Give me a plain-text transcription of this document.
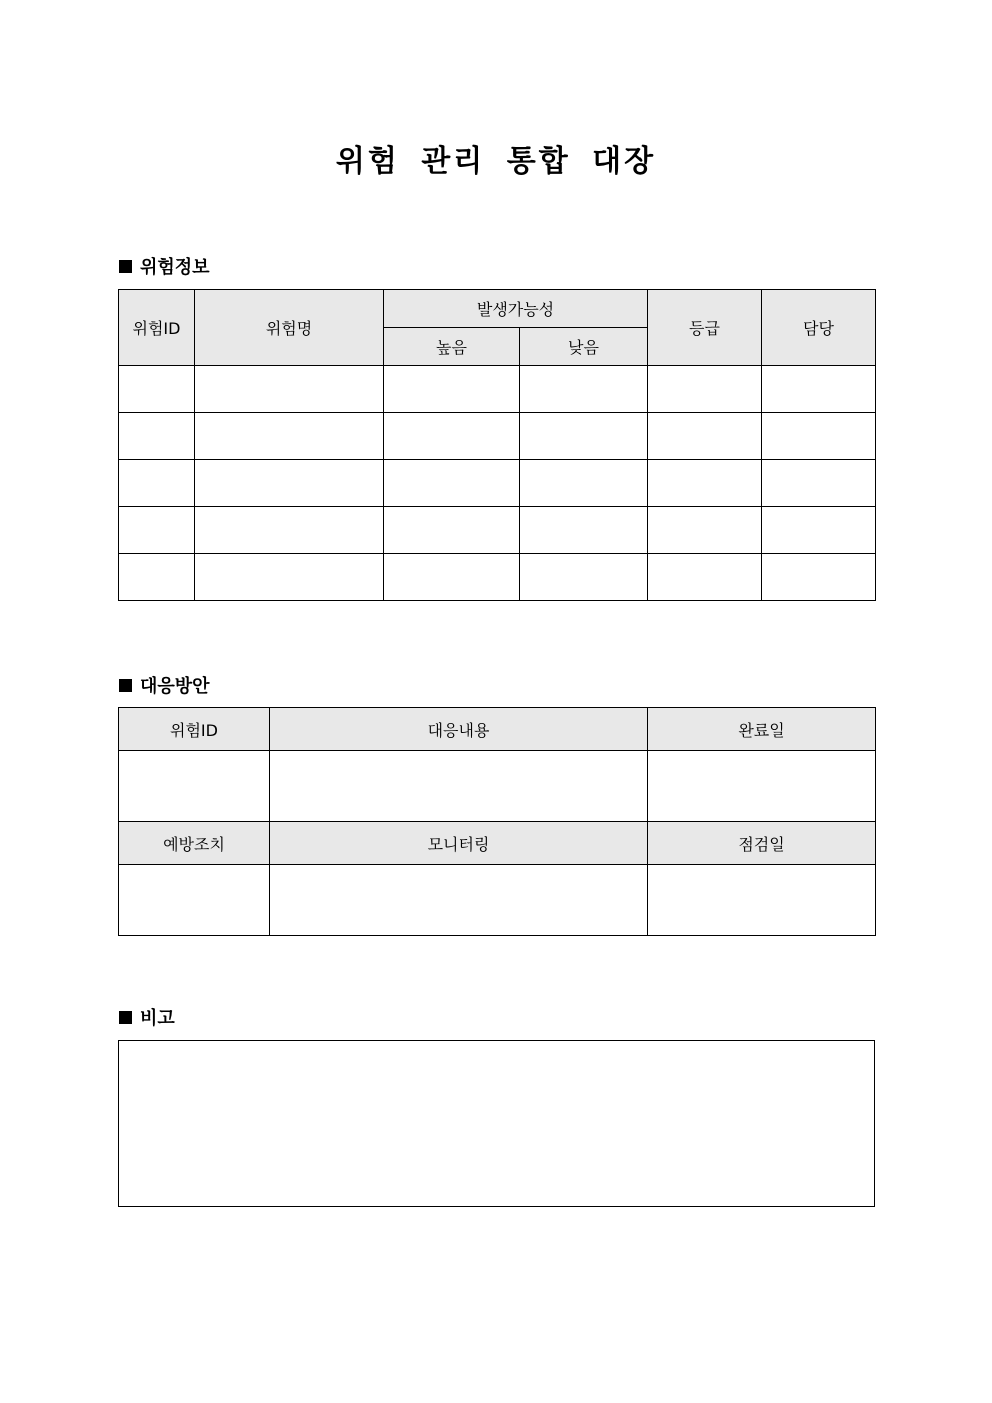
위험 관리 통합 대장
위험정보
위험ID	위험명	발생가능성		등급	담당
		높음	낮음		

대응방안
위험ID	대응내용	완료일

예방조치	모니터링	점검일

비고
